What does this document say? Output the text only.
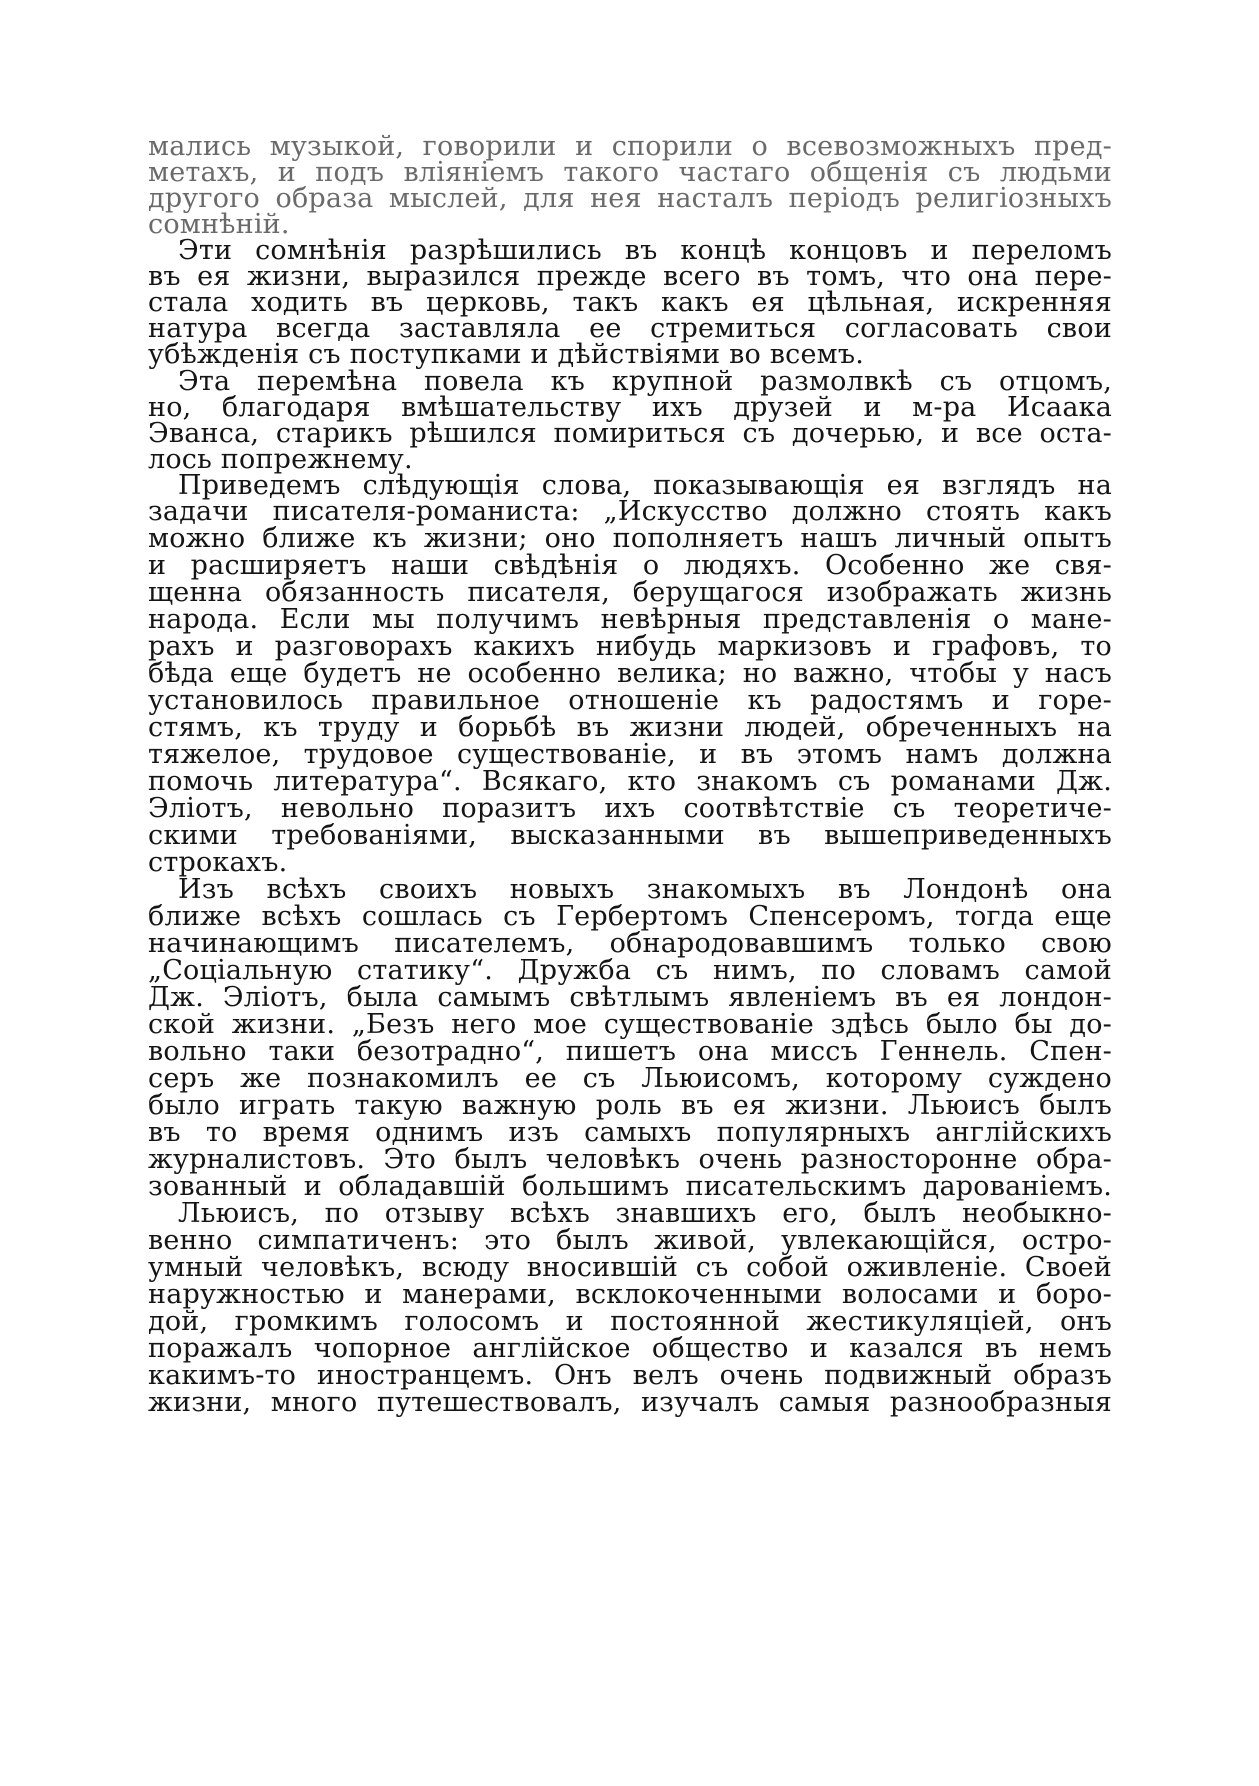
мались музыкой, говорили и спорили о всевозможныхъ пред-
метахъ, и подъ вліяніемъ такого частаго общенія съ людьми
другого образа мыслей, для нея насталъ періодъ религіозныхъ
сомнѣній.
Эти сомнѣнія разрѣшились въ концѣ концовъ и переломъ
въ ея жизни, выразился прежде всего въ томъ, что она пере-
стала ходить въ церковь, такъ какъ ея цѣльная, искренняя
натура всегда заставляла ее стремиться согласовать свои
убѣжденія съ поступками и дѣйствіями во всемъ.
Эта перемѣна повела къ крупной размолвкѣ съ отцомъ,
но, благодаря вмѣшательству ихъ друзей и м-ра Исаака
Эванса, старикъ рѣшился помириться съ дочерью, и все оста-
лось попрежнему.
Приведемъ слѣдующія слова, показывающія ея взглядъ на
задачи писателя-романиста: „Искусство должно стоять какъ
можно ближе къ жизни; оно пополняетъ нашъ личный опытъ
и расширяетъ наши свѣдѣнія о людяхъ. Особенно же свя-
щенна обязанность писателя, берущагося изображать жизнь
народа. Если мы получимъ невѣрныя представленія о мане-
рахъ и разговорахъ какихъ нибудь маркизовъ и графовъ, то
бѣда еще будетъ не особенно велика; но важно, чтобы у насъ
установилось правильное отношеніе къ радостямъ и горе-
стямъ, къ труду и борьбѣ въ жизни людей, обреченныхъ на
тяжелое, трудовое существованіе, и въ этомъ намъ должна
помочь литература“. Всякаго, кто знакомъ съ романами Дж.
Эліотъ, невольно поразитъ ихъ соотвѣтствіе съ теоретиче-
скими требованіями, высказанными въ вышеприведенныхъ
строкахъ.
Изъ всѣхъ своихъ новыхъ знакомыхъ въ Лондонѣ она
ближе всѣхъ сошлась съ Гербертомъ Спенсеромъ, тогда еще
начинающимъ писателемъ, обнародовавшимъ только свою
„Соціальную статику“. Дружба съ нимъ, по словамъ самой
Дж. Эліотъ, была самымъ свѣтлымъ явленіемъ въ ея лондон-
ской жизни. „Безъ него мое существованіе здѣсь было бы до-
вольно таки безотрадно“, пишетъ она миссъ Геннель. Спен-
серъ же познакомилъ ее съ Льюисомъ, которому суждено
было играть такую важную роль въ ея жизни. Льюисъ былъ
въ то время однимъ изъ самыхъ популярныхъ англійскихъ
журналистовъ. Это былъ человѣкъ очень разносторонне обра-
зованный и обладавшій большимъ писательскимъ дарованіемъ.
Льюисъ, по отзыву всѣхъ знавшихъ его, былъ необыкно-
венно симпатиченъ: это былъ живой, увлекающійся, остро-
умный человѣкъ, всюду вносившій съ собой оживленіе. Своей
наружностью и манерами, всклокоченными волосами и боро-
дой, громкимъ голосомъ и постоянной жестикуляціей, онъ
поражалъ чопорное англійское общество и казался въ немъ
какимъ-то иностранцемъ. Онъ велъ очень подвижный образъ
жизни, много путешествовалъ, изучалъ самыя разнообразныя
